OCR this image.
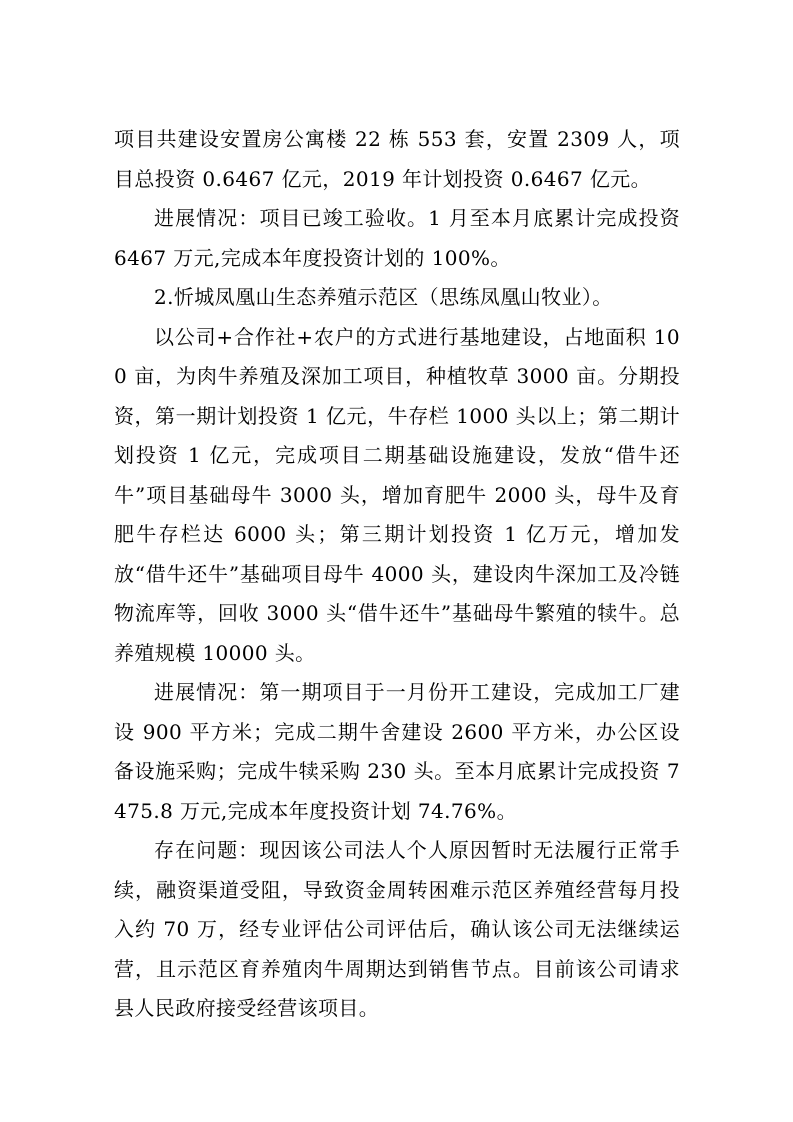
项目共建设安置房公寓楼 22 栋 553 套，安置 2309 人，项目总投资 0.6467 亿元，2019 年计划投资 0.6467 亿元。

进展情况：项目已竣工验收。1 月至本月底累计完成投资 6467 万元,完成本年度投资计划的 100%。

2.忻城凤凰山生态养殖示范区（思练凤凰山牧业）。

以公司+合作社+农户的方式进行基地建设，占地面积 100 亩，为肉牛养殖及深加工项目，种植牧草 3000 亩。分期投资，第一期计划投资 1 亿元，牛存栏 1000 头以上；第二期计划投资 1 亿元，完成项目二期基础设施建设，发放“借牛还牛”项目基础母牛 3000 头，增加育肥牛 2000 头，母牛及育肥牛存栏达 6000 头；第三期计划投资 1 亿万元，增加发放“借牛还牛”基础项目母牛 4000 头，建设肉牛深加工及冷链物流库等，回收 3000 头“借牛还牛”基础母牛繁殖的犊牛。总养殖规模 10000 头。

进展情况：第一期项目于一月份开工建设，完成加工厂建设 900 平方米；完成二期牛舍建设 2600 平方米，办公区设备设施采购；完成牛犊采购 230 头。至本月底累计完成投资 7475.8 万元,完成本年度投资计划 74.76%。

存在问题：现因该公司法人个人原因暂时无法履行正常手续，融资渠道受阻，导致资金周转困难示范区养殖经营每月投入约 70 万，经专业评估公司评估后，确认该公司无法继续运营，且示范区育养殖肉牛周期达到销售节点。目前该公司请求县人民政府接受经营该项目。
